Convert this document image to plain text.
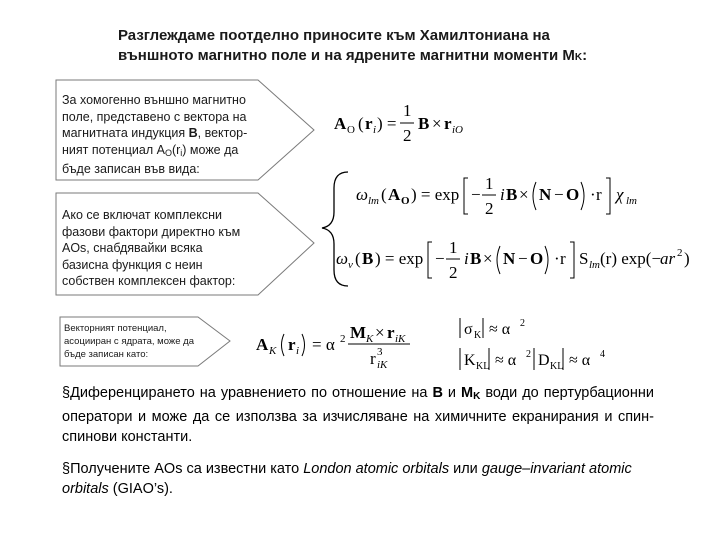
Разглеждаме поотделно приносите към Хамилтониана на
външното магнитно поле и на ядрените магнитни моменти MK:
За хомогенно външно магнитно
поле, представено с вектора на
магнитната индукция B, вектор-
ният потенциал $A_O(r_i)$ може да
бъде записан във вида:
Ако се включат комплексни
фазови фактори директно към
AOs, снабдявайки всяка
базисна функция с неин
собствен комплексен фактор:
Векторният потенциал,
асоцииран с ядрата, може да
бъде записан като:
A O ( r i ) =
1
2
B × r iO
ω lm ( A O ) = exp −
1
2
i B × N − O · r χ lm
ω ν ( B ) = exp −
1
2
i B × N − O · r S lm (r) exp(−
ar 2 )
A K r i = α 2 M K × r iK
r 3
iK
σ K ≈ α 2
K KL ≈ α 2 D KL ≈ α 4
§Диференцирането на уравнението по отношение на B и $M_K$ води до пертурбационни оператори и може да се използва за изчисляване на химичните екранирания и спин-спинови константи.
§Получените AOs са известни като London atomic orbitals или gauge–invariant atomic orbitals (GIAO’s).
